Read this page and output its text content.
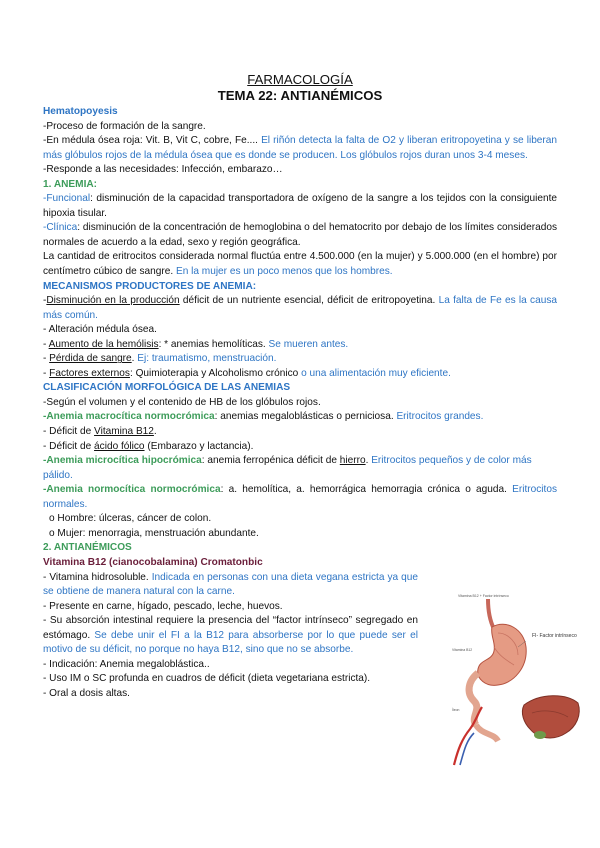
FARMACOLOGÍA

TEMA 22: ANTIANÉMICOS

Hematopoyesis

-Proceso de formación de la sangre.

-En médula ósea roja: Vit. B, Vit C, cobre, Fe.... El riñón detecta la falta de O2 y liberan eritropoyetina y se liberan más glóbulos rojos de la médula ósea que es donde se producen. Los glóbulos rojos duran unos 3-4 meses.

-Responde a las necesidades: Infección, embarazo…

1. ANEMIA:

-Funcional: disminución de la capacidad transportadora de oxígeno de la sangre a los tejidos con la consiguiente hipoxia tisular.

-Clínica: disminución de la concentración de hemoglobina o del hematocrito por debajo de los límites considerados normales de acuerdo a la edad, sexo y región geográfica.

La cantidad de eritrocitos considerada normal fluctúa entre 4.500.000 (en la mujer) y 5.000.000 (en el hombre) por centímetro cúbico de sangre. En la mujer es un poco menos que los hombres.

MECANISMOS PRODUCTORES DE ANEMIA:

-Disminución en la producción déficit de un nutriente esencial, déficit de eritropoyetina. La falta de Fe es la causa más común.

- Alteración médula ósea.

- Aumento de la hemólisis: * anemias hemolíticas. Se mueren antes.

- Pérdida de sangre. Ej: traumatismo, menstruación.

- Factores externos: Quimioterapia y Alcoholismo crónico o una alimentación muy eficiente.

CLASIFICACIÓN MORFOLÓGICA DE LAS ANEMIAS

-Según el volumen y el contenido de HB de los glóbulos rojos.

-Anemia macrocítica normocrómica: anemias megaloblásticas o perniciosa. Eritrocitos grandes.

- Déficit de Vitamina B12.

- Déficit de ácido fólico (Embarazo y lactancia).

-Anemia microcítica hipocrómica: anemia ferropénica déficit de hierro. Eritrocitos pequeños y de color más pálido.

-Anemia normocítica normocrómica: a. hemolítica, a. hemorrágica hemorragia crónica o aguda. Eritrocitos normales.

o Hombre: úlceras, cáncer de colon.

o Mujer: menorragia, menstruación abundante.

2. ANTIANÉMICOS

Vitamina B12 (cianocobalamina) Cromatonbic

- Vitamina hidrosoluble. Indicada en personas con una dieta vegana estricta ya que se obtiene de manera natural con la carne.

- Presente en carne, hígado, pescado, leche, huevos.

- Su absorción intestinal requiere la presencia del “factor intrínseco” segregado en estómago. Se debe unir el FI a la B12 para absorberse por lo que puede ser el motivo de su déficit, no porque no haya B12, sino que no se absorbe.

- Indicación: Anemia megaloblástica..

- Uso IM o SC profunda en cuadros de déficit (dieta vegetariana estricta).

- Oral a dosis altas.

Vitamina B12 + Factor intrínseco
FI- Factor intrínseco
Vitamina B12
Íleon
